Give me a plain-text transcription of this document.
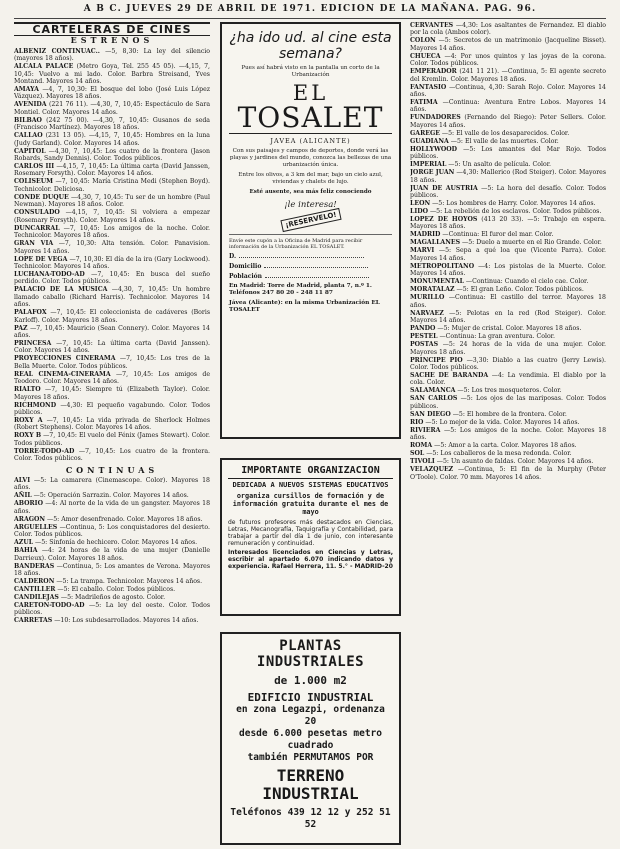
A B C. JUEVES 29 DE ABRIL DE 1971. EDICION DE LA MAÑANA. PAG. 96.
CARTELERAS DE CINES
ESTRENOS

ALBENIZ CONTINUAC.. —5, 8,30: La ley del silencio (mayores 18 años).

ALCALA PALACE (Metro Goya, Tel. 255 45 05). —4,15, 7, 10,45: Vuelvo a mi lado. Color. Barbra Streisand, Yves Montand. Mayores 14 años.

AMAYA —4, 7, 10,30: El bosque del lobo (José Luis López Vázquez). Mayores 18 años.

AVENIDA (221 76 11). —4,30, 7, 10,45: Espectáculo de Sara Montiel. Color. Mayores 14 años.

BILBAO (242 75 00). —4,30, 7, 10,45: Gusanos de seda (Francisco Martínez). Mayores 18 años.

CALLAO (231 13 05). —4,15, 7, 10,45: Hombres en la luna (Judy Garland). Color. Mayores 14 años.

CAPITOL —4,30, 7, 10,45: Los cuatro de la frontera (Jason Robards, Sandy Dennis). Color. Todos públicos.

CARLOS III —4,15, 7, 10,45: La última carta (David Janssen, Rosemary Forsyth). Color. Mayores 14 años.

COLISEUM —7, 10,45: María Cristina Medi (Stephen Boyd). Technicolor. Deliciosa.

CONDE DUQUE —4,30, 7, 10,45: Tu ser de un hombre (Paul Newman). Mayores 18 años. Color.

CONSULADO —4,15, 7, 10,45: Si volviera a empezar (Rosemary Forsyth). Color. Mayores 14 años.

DUNCARRAL —7, 10,45: Los amigos de la noche. Color. Technicolor. Mayores 18 años.

GRAN VIA —7, 10,30: Alta tensión. Color. Panavision. Mayores 14 años.

LOPE DE VEGA —7, 10,30: El día de la ira (Gary Lockwood). Technicolor. Mayores 14 años.

LUCHANA-TODO-AD —7, 10,45: En busca del sueño perdido. Color. Todos públicos.

PALACIO DE LA MUSICA —4,30, 7, 10,45: Un hombre llamado caballo (Richard Harris). Technicolor. Mayores 14 años.

PALAFOX —7, 10,45: El coleccionista de cadáveres (Boris Karloff). Color. Mayores 18 años.

PAZ —7, 10,45: Mauricio (Sean Connery). Color. Mayores 14 años.

PRINCESA —7, 10,45: La última carta (David Janssen). Color. Mayores 14 años.

PROYECCIONES CINERAMA —7, 10,45: Los tres de la Bella Muerte. Color. Todos públicos.

REAL CINEMA-CINERAMA —7, 10,45: Los amigos de Teodoro. Color. Mayores 14 años.

RIALTO —7, 10,45: Siempre tú (Elizabeth Taylor). Color. Mayores 18 años.

RICHMOND —4,30: El pequeño vagabundo. Color. Todos públicos.

ROXY A —7, 10,45: La vida privada de Sherlock Holmes (Robert Stephens). Color. Mayores 14 años.

ROXY B —7, 10,45: El vuelo del Fénix (James Stewart). Color. Todos públicos.

TORRE-TODO-AD —7, 10,45: Los cuatro de la frontera. Color. Todos públicos.

CONTINUAS

ALVI —5: La camarera (Cinemascope. Color). Mayores 18 años.

AÑIL —5: Operación Sarrazin. Color. Mayores 14 años.

ABORIO —4: Al norte de la vida de un gangster. Mayores 18 años.

ARAGON —5: Amor desenfrenado. Color. Mayores 18 años.

ARGUELLES —Continua, 5: Los conquistadores del desierto. Color. Todos públicos.

AZUL —5: Sinfonía de hechicero. Color. Mayores 14 años.

BAHIA —4: 24 horas de la vida de una mujer (Danielle Darrieux). Color. Mayores 18 años.

BANDERAS —Continua, 5: Los amantes de Verona. Mayores 18 años.

CALDERON —5: La trampa. Technicolor. Mayores 14 años.

CANTILLER —5: El caballo. Color. Todos públicos.

CANDILEJAS —5: Madrileños de agosto. Color.

CARETON-TODO-AD —5: La ley del oeste. Color. Todos públicos.

CARRETAS —10: Los subdesarrollados. Mayores 14 años.

¿ha ido ud. al cine esta semana?
Pues así habrá visto en la pantalla un corto de la Urbanización
EL
TOSALET
JAVEA (ALICANTE)
Con sus paisajes y campos de deportes, donde verá las playas y jardines del mundo, conozca las bellezas de una urbanización única.
Entre los olivos, a 3 km del mar, bajo un cielo azul, viviendas y chalets de lujo.
Esté ausente, sea más feliz conociendo
¡le interesa!
¡RESERVELO!
Envíe este cupón a la Oficina de Madrid para recibir información de la Urbanización EL TOSALET.
D.
Domicilio
Población
En Madrid: Torre de Madrid, planta 7, n.º 1. Teléfonos 247 80 20 - 248 11 87
Jávea (Alicante): en la misma Urbanización EL TOSALET
IMPORTANTE ORGANIZACION
DEDICADA A NUEVOS SISTEMAS EDUCATIVOS
organiza cursillos de formación y de información gratuita durante el mes de mayo
de futuros profesores más destacados en Ciencias, Letras, Mecanografía, Taquigrafía y Contabilidad, para trabajar a partir del día 1 de junio, con interesante remuneración y continuidad.
Interesados licenciados en Ciencias y Letras, escribir al apartado 6.070 indicando datos y experiencia. Rafael Herrera, 11. 5.° - MADRID-20
PLANTAS INDUSTRIALES
de 1.000 m2
EDIFICIO INDUSTRIAL
en zona Legazpi, ordenanza 20
desde 6.000 pesetas metro cuadrado
también PERMUTAMOS POR
TERRENO INDUSTRIAL
Teléfonos 439 12 12 y 252 51 52

CERVANTES —4,30: Los asaltantes de Fernandez. El diablo por la cola (Ambos color).

COLON —5: Secretos de un matrimonio (Jacqueline Bisset). Mayores 14 años.

CHUECA —4: Por unos quintos y las joyas de la corona. Color. Todos públicos.

EMPERADOR (241 11 21). —Continua, 5: El agente secreto del Kremlin. Color. Mayores 18 años.

FANTASIO —Continua, 4,30: Sarah Rojo. Color. Mayores 14 años.

FATIMA —Continua: Aventura Entre Lobos. Mayores 14 años.

FUNDADORES (Fernando del Riego): Peter Sellers. Color. Mayores 14 años.

GAREGE —5: El valle de los desaparecidos. Color.

GUADIANA —5: El valle de las muertes. Color.

HOLLYWOOD —5: Los amantes del Mar Rojo. Todos públicos.

IMPERIAL —5: Un asalto de película. Color.

JORGE JUAN —4,30: Mallerico (Rod Steiger). Color. Mayores 18 años.

JUAN DE AUSTRIA —5: La hora del desafío. Color. Todos públicos.

LEON —5: Los hombres de Harry. Color. Mayores 14 años.

LIDO —5: La rebelión de los esclavos. Color. Todos públicos.

LOPEZ DE HOYOS (413 20 33). —5: Trabajo en espera. Mayores 18 años.

MADRID —Continua: El furor del mar. Color.

MAGALLANES —5: Duelo a muerte en el Rio Grande. Color.

MARVI —5: Sepa a qué loa que (Vicente Parra). Color. Mayores 14 años.

METROPOLITANO —4: Los pistolas de la Muerte. Color. Mayores 14 años.

MONUMENTAL —Continua: Cuando el cielo cae. Color.

MORATALAZ —5: El gran Leño. Color. Todos públicos.

MURILLO —Continua: El castillo del terror. Mayores 18 años.

NARVAEZ —5: Pelotas en la red (Rod Steiger). Color. Mayores 14 años.

PANDO —5: Mujer de cristal. Color. Mayores 18 años.

PESTEL —Continua: La gran aventura. Color.

POSTAS —5: 24 horas de la vida de una mujer. Color. Mayores 18 años.

PRINCIPE PIO —3,30: Diablo a las cuatro (Jerry Lewis). Color. Todos públicos.

SACHE DE BARANDA —4: La vendimia. El diablo por la cola. Color.

SALAMANCA —5: Los tres mosqueteros. Color.

SAN CARLOS —5: Los ojos de las mariposas. Color. Todos públicos.

SAN DIEGO —5: El hombre de la frontera. Color.

RIO —5: Lo mejor de la vida. Color. Mayores 14 años.

RIVIERA —5: Los amigos de la noche. Color. Mayores 18 años.

ROMA —5: Amor a la carta. Color. Mayores 18 años.

SOL —5: Los caballeros de la mesa redonda. Color.

TIVOLI —5: Un asunto de faldas. Color. Mayores 14 años.

VELAZQUEZ —Continua, 5: El fin de la Murphy (Peter O'Toole). Color. 70 mm. Mayores 14 años.
